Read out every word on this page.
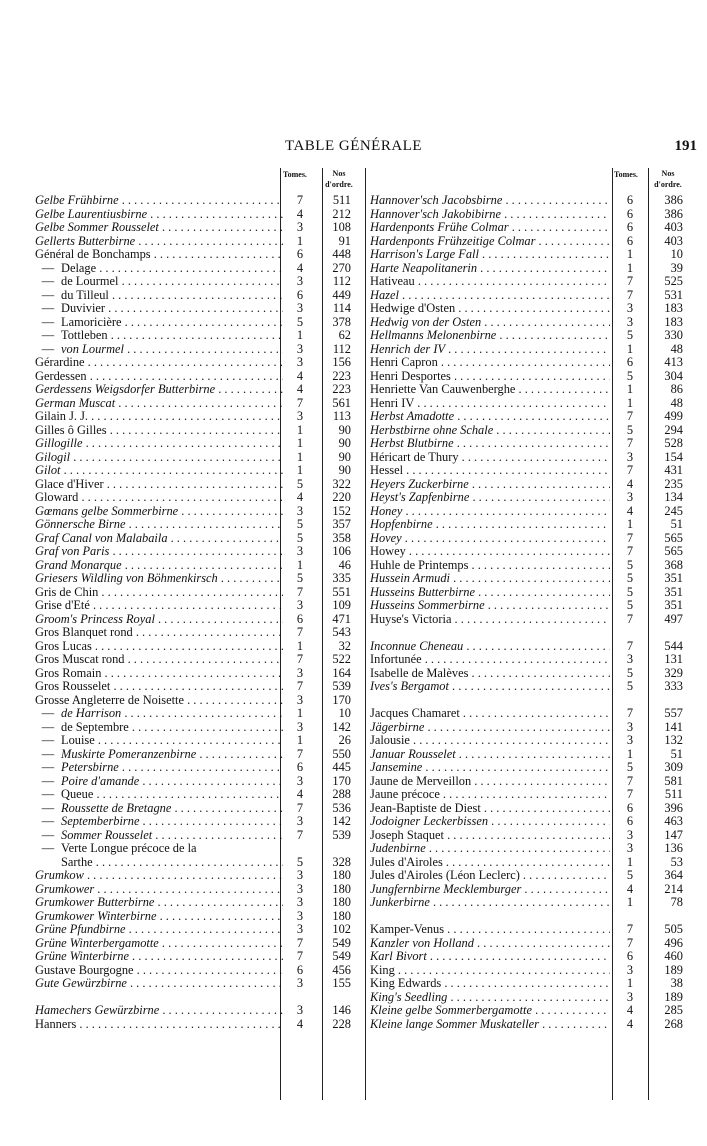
TABLE GÉNÉRALE	191
Tomes.	Nos
d'ordre.
Gelbe Frühbirne . . .	7	511
Gelbe Laurentiusbirne . . .	4	212
Gelbe Sommer Rousselet . . .	3	108
Gellerts Butterbirne . . .	1	91
Général de Bonchamps . . .	6	448
— Delage . . .	4	270
— de Lourmel . . .	3	112
— du Tilleul . . .	6	449
— Duvivier . . .	3	114
— Lamoricière . . .	5	378
— Tottleben . . .	1	62
— von Lourmel . . .	3	112
Gérardine . . .	3	156
Gerdessen . . .	4	223
Gerdessens Weigsdorfer Butterbirne . . .	4	223
German Muscat . . .	7	561
Gilain J. J. . . .	3	113
Gilles ô Gilles . . .	1	90
Gillogille . . .	1	90
Gilogil . . .	1	90
Gilot . . .	1	90
Glace d'Hiver . . .	5	322
Gloward . . .	4	220
Gœmans gelbe Sommerbirne . . .	3	152
Gönnersche Birne . . .	5	357
Graf Canal von Malabaila . . .	5	358
Graf von Paris . . .	3	106
Grand Monarque . . .	1	46
Griesers Wildling von Böhmenkirsch . . .	5	335
Gris de Chin . . .	7	551
Grise d'Eté . . .	3	109
Groom's Princess Royal . . .	6	471
Gros Blanquet rond . . .	7	543
Gros Lucas . . .	1	32
Gros Muscat rond . . .	7	522
Gros Romain . . .	3	164
Gros Rousselet . . .	7	539
Grosse Angleterre de Noisette . . .	3	170
— de Harrison . . .	1	10
— de Septembre . . .	3	142
— Louise . . .	1	26
— Muskirte Pomeranzenbirne . . .	7	550
— Petersbirne . . .	6	445
— Poire d'amande . . .	3	170
— Queue . . .	4	288
— Roussette de Bretagne . . .	7	536
— Septemberbirne . . .	3	142
— Sommer Rousselet . . .	7	539
— Verte Longue précoce de la
Sarthe . . .	5	328
Grumkow . . .	3	180
Grumkower . . .	3	180
Grumkower Butterbirne . . .	3	180
Grumkower Winterbirne . . .	3	180
Grüne Pfundbirne . . .	3	102
Grüne Winterbergamotte . . .	7	549
Grüne Winterbirne . . .	7	549
Gustave Bourgogne . . .	6	456
Gute Gewürzbirne . . .	3	155
Hamechers Gewürzbirne . . .	3	146
Hanners . . .	4	228
Tomes.	Nos
d'ordre.
Hannover'sch Jacobsbirne . . .	6	386
Hannover'sch Jakobibirne . . .	6	386
Hardenponts Frühe Colmar . . .	6	403
Hardenponts Frühzeitige Colmar . . .	6	403
Harrison's Large Fall . . .	1	10
Harte Neapolitanerin . . .	1	39
Hativeau . . .	7	525
Hazel . . .	7	531
Hedwige d'Osten . . .	3	183
Hedwig von der Osten . . .	3	183
Hellmanns Melonenbirne . . .	5	330
Henrich der IV . . .	1	48
Henri Capron . . .	6	413
Henri Desportes . . .	5	304
Henriette Van Cauwenberghe . . .	1	86
Henri IV . . .	1	48
Herbst Amadotte . . .	7	499
Herbstbirne ohne Schale . . .	5	294
Herbst Blutbirne . . .	7	528
Héricart de Thury . . .	3	154
Hessel . . .	7	431
Heyers Zuckerbirne . . .	4	235
Heyst's Zapfenbirne . . .	3	134
Honey . . .	4	245
Hopfenbirne . . .	1	51
Hovey . . .	7	565
Howey . . .	7	565
Huhle de Printemps . . .	5	368
Hussein Armudi . . .	5	351
Husseins Butterbirne . . .	5	351
Husseins Sommerbirne . . .	5	351
Huyse's Victoria . . .	7	497
Inconnue Cheneau . . .	7	544
Infortunée . . .	3	131
Isabelle de Malèves . . .	5	329
Ives's Bergamot . . .	5	333
Jacques Chamaret . . .	7	557
Jägerbirne . . .	3	141
Jalousie . . .	3	132
Januar Rousselet . . .	1	51
Jansemine . . .	5	309
Jaune de Merveillon . . .	7	581
Jaune précoce . . .	7	511
Jean-Baptiste de Diest . . .	6	396
Jodoigner Leckerbissen . . .	6	463
Joseph Staquet . . .	3	147
Judenbirne . . .	3	136
Jules d'Airoles . . .	1	53
Jules d'Airoles (Léon Leclerc) . . .	5	364
Jungfernbirne Mecklemburger . . .	4	214
Junkerbirne . . .	1	78
Kamper-Venus . . .	7	505
Kanzler von Holland . . .	7	496
Karl Bivort . . .	6	460
King . . .	3	189
King Edwards . . .	1	38
King's Seedling . . .	3	189
Kleine gelbe Sommerbergamotte . . .	4	285
Kleine lange Sommer Muskateller . . .	4	268
